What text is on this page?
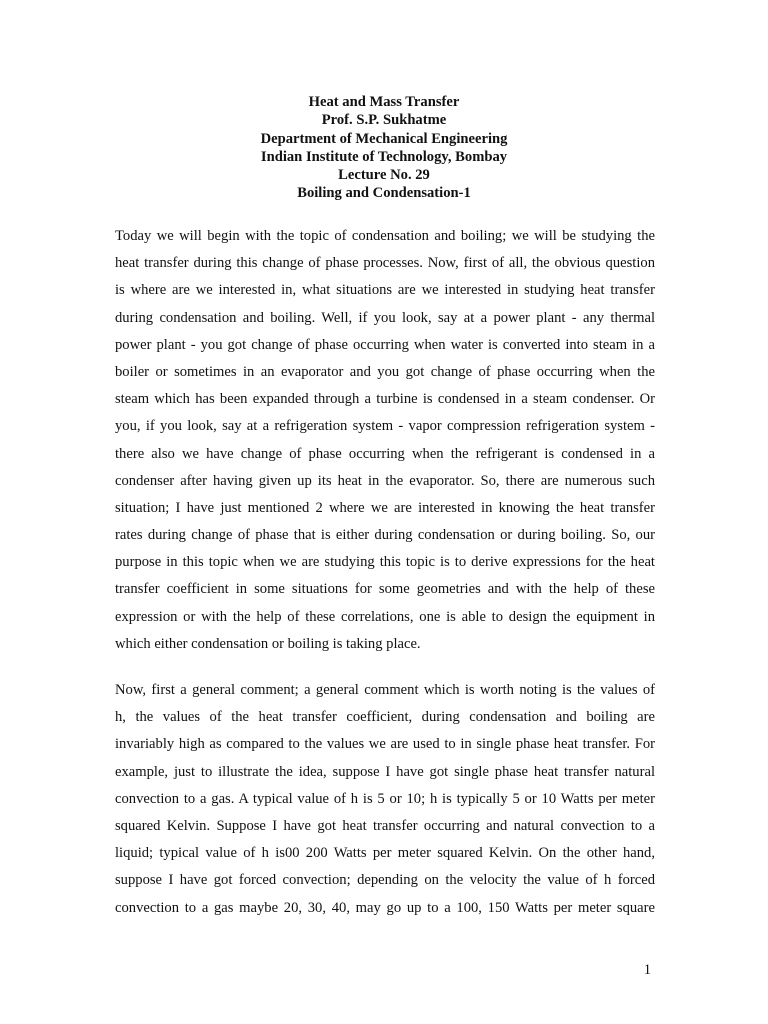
Heat and Mass Transfer
Prof. S.P. Sukhatme
Department of Mechanical Engineering
Indian Institute of Technology, Bombay
Lecture No. 29
Boiling and Condensation-1
Today we will begin with the topic of condensation and boiling; we will be studying the
heat transfer during this change of phase processes. Now, first of all, the obvious question
is where are we interested in, what situations are we interested in studying heat transfer
during condensation and boiling. Well, if you look, say at a power plant - any thermal
power plant - you got change of phase occurring when water is converted into steam in a
boiler or sometimes in an evaporator and you got change of phase occurring when the
steam which has been expanded through a turbine is condensed in a steam condenser. Or
you, if you look, say at a refrigeration system - vapor compression refrigeration system -
there also we have change of phase occurring when the refrigerant is condensed in a
condenser after having given up its heat in the evaporator. So, there are numerous such
situation; I have just mentioned 2 where we are interested in knowing the heat transfer
rates during change of phase that is either during condensation or during boiling. So, our
purpose in this topic when we are studying this topic is to derive expressions for the heat
transfer coefficient in some situations for some geometries and with the help of these
expression or with the help of these correlations, one is able to design the equipment in
which either condensation or boiling is taking place.
Now, first a general comment; a general comment which is worth noting is the values of
h, the values of the heat transfer coefficient, during condensation and boiling are
invariably high as compared to the values we are used to in single phase heat transfer. For
example, just to illustrate the idea, suppose I have got single phase heat transfer natural
convection to a gas. A typical value of h is 5 or 10; h is typically 5 or 10 Watts per meter
squared Kelvin. Suppose I have got heat transfer occurring and natural convection to a
liquid; typical value of h is00 200 Watts per meter squared Kelvin. On the other hand,
suppose I have got forced convection; depending on the velocity the value of h forced
convection to a gas maybe 20, 30, 40, may go up to a 100, 150 Watts per meter square
1
